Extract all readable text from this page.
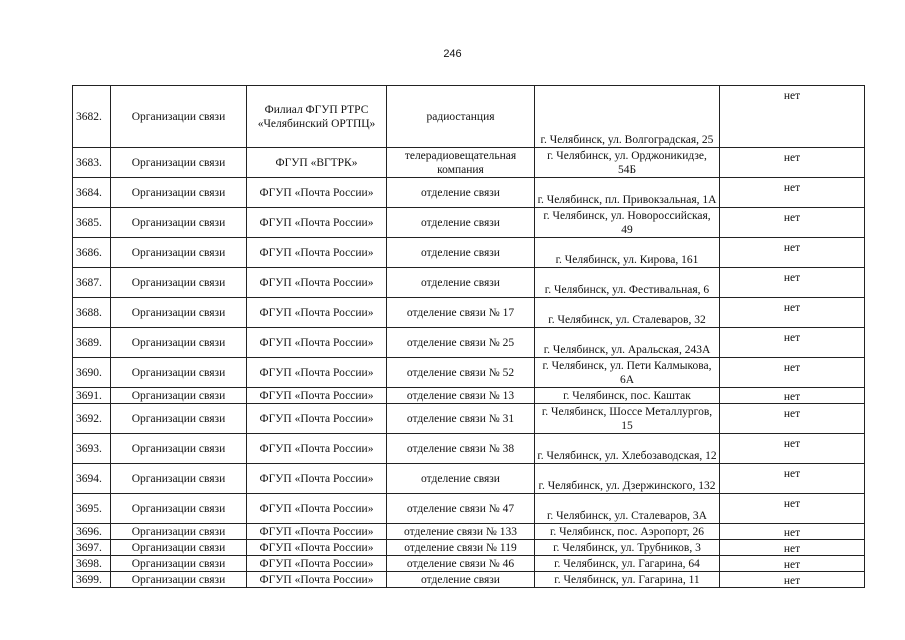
246
3682.	Организации связи	Филиал ФГУП РТРС «Челябинский ОРТПЦ»	радиостанция	г. Челябинск, ул. Волгоградская, 25	нет
3683.	Организации связи	ФГУП «ВГТРК»	телерадиовещательная компания	г. Челябинск, ул. Орджоникидзе, 54Б	нет
3684.	Организации связи	ФГУП «Почта России»	отделение связи	г. Челябинск, пл. Привокзальная, 1А	нет
3685.	Организации связи	ФГУП «Почта России»	отделение связи	г. Челябинск, ул. Новороссийская, 49	нет
3686.	Организации связи	ФГУП «Почта России»	отделение связи	г. Челябинск, ул. Кирова, 161	нет
3687.	Организации связи	ФГУП «Почта России»	отделение связи	г. Челябинск, ул. Фестивальная, 6	нет
3688.	Организации связи	ФГУП «Почта России»	отделение связи № 17	г. Челябинск, ул. Сталеваров, 32	нет
3689.	Организации связи	ФГУП «Почта России»	отделение связи № 25	г. Челябинск, ул. Аральская, 243А	нет
3690.	Организации связи	ФГУП «Почта России»	отделение связи № 52	г. Челябинск, ул. Пети Калмыкова, 6А	нет
3691.	Организации связи	ФГУП «Почта России»	отделение связи № 13	г. Челябинск, пос. Каштак	нет
3692.	Организации связи	ФГУП «Почта России»	отделение связи № 31	г. Челябинск, Шоссе Металлургов, 15	нет
3693.	Организации связи	ФГУП «Почта России»	отделение связи № 38	г. Челябинск, ул. Хлебозаводская, 12	нет
3694.	Организации связи	ФГУП «Почта России»	отделение связи	г. Челябинск, ул. Дзержинского, 132	нет
3695.	Организации связи	ФГУП «Почта России»	отделение связи № 47	г. Челябинск, ул. Сталеваров, 3А	нет
3696.	Организации связи	ФГУП «Почта России»	отделение связи № 133	г. Челябинск, пос. Аэропорт, 26	нет
3697.	Организации связи	ФГУП «Почта России»	отделение связи № 119	г. Челябинск, ул. Трубников, 3	нет
3698.	Организации связи	ФГУП «Почта России»	отделение связи № 46	г. Челябинск, ул. Гагарина, 64	нет
3699.	Организации связи	ФГУП «Почта России»	отделение связи	г. Челябинск, ул. Гагарина, 11	нет
